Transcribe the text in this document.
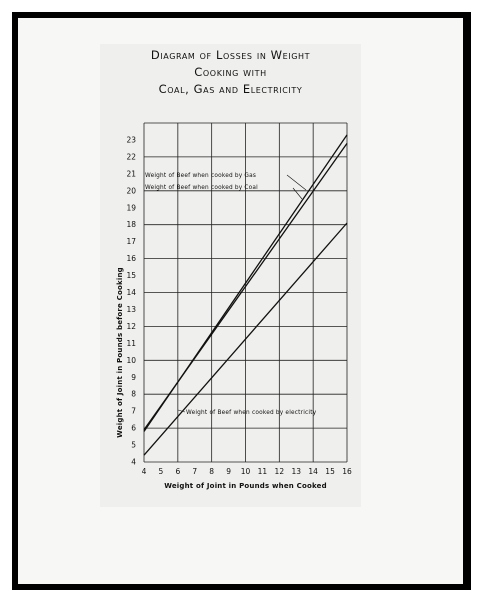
Diagram of Losses in Weight
Cooking with
Coal, Gas and Electricity
4 5 6 7 8 9 10 11 12 13 14 15 16
4
5
6
7
8
9
10
11
12
13
14
15
16
17
18
19
20
21
22
23
Weight of Beef when cooked by Gas
Weight of Beef when cooked by Coal
Weight of Beef when cooked by electricity
Weight of Joint in Pounds when Cooked
Weight of Joint in Pounds before Cooking
